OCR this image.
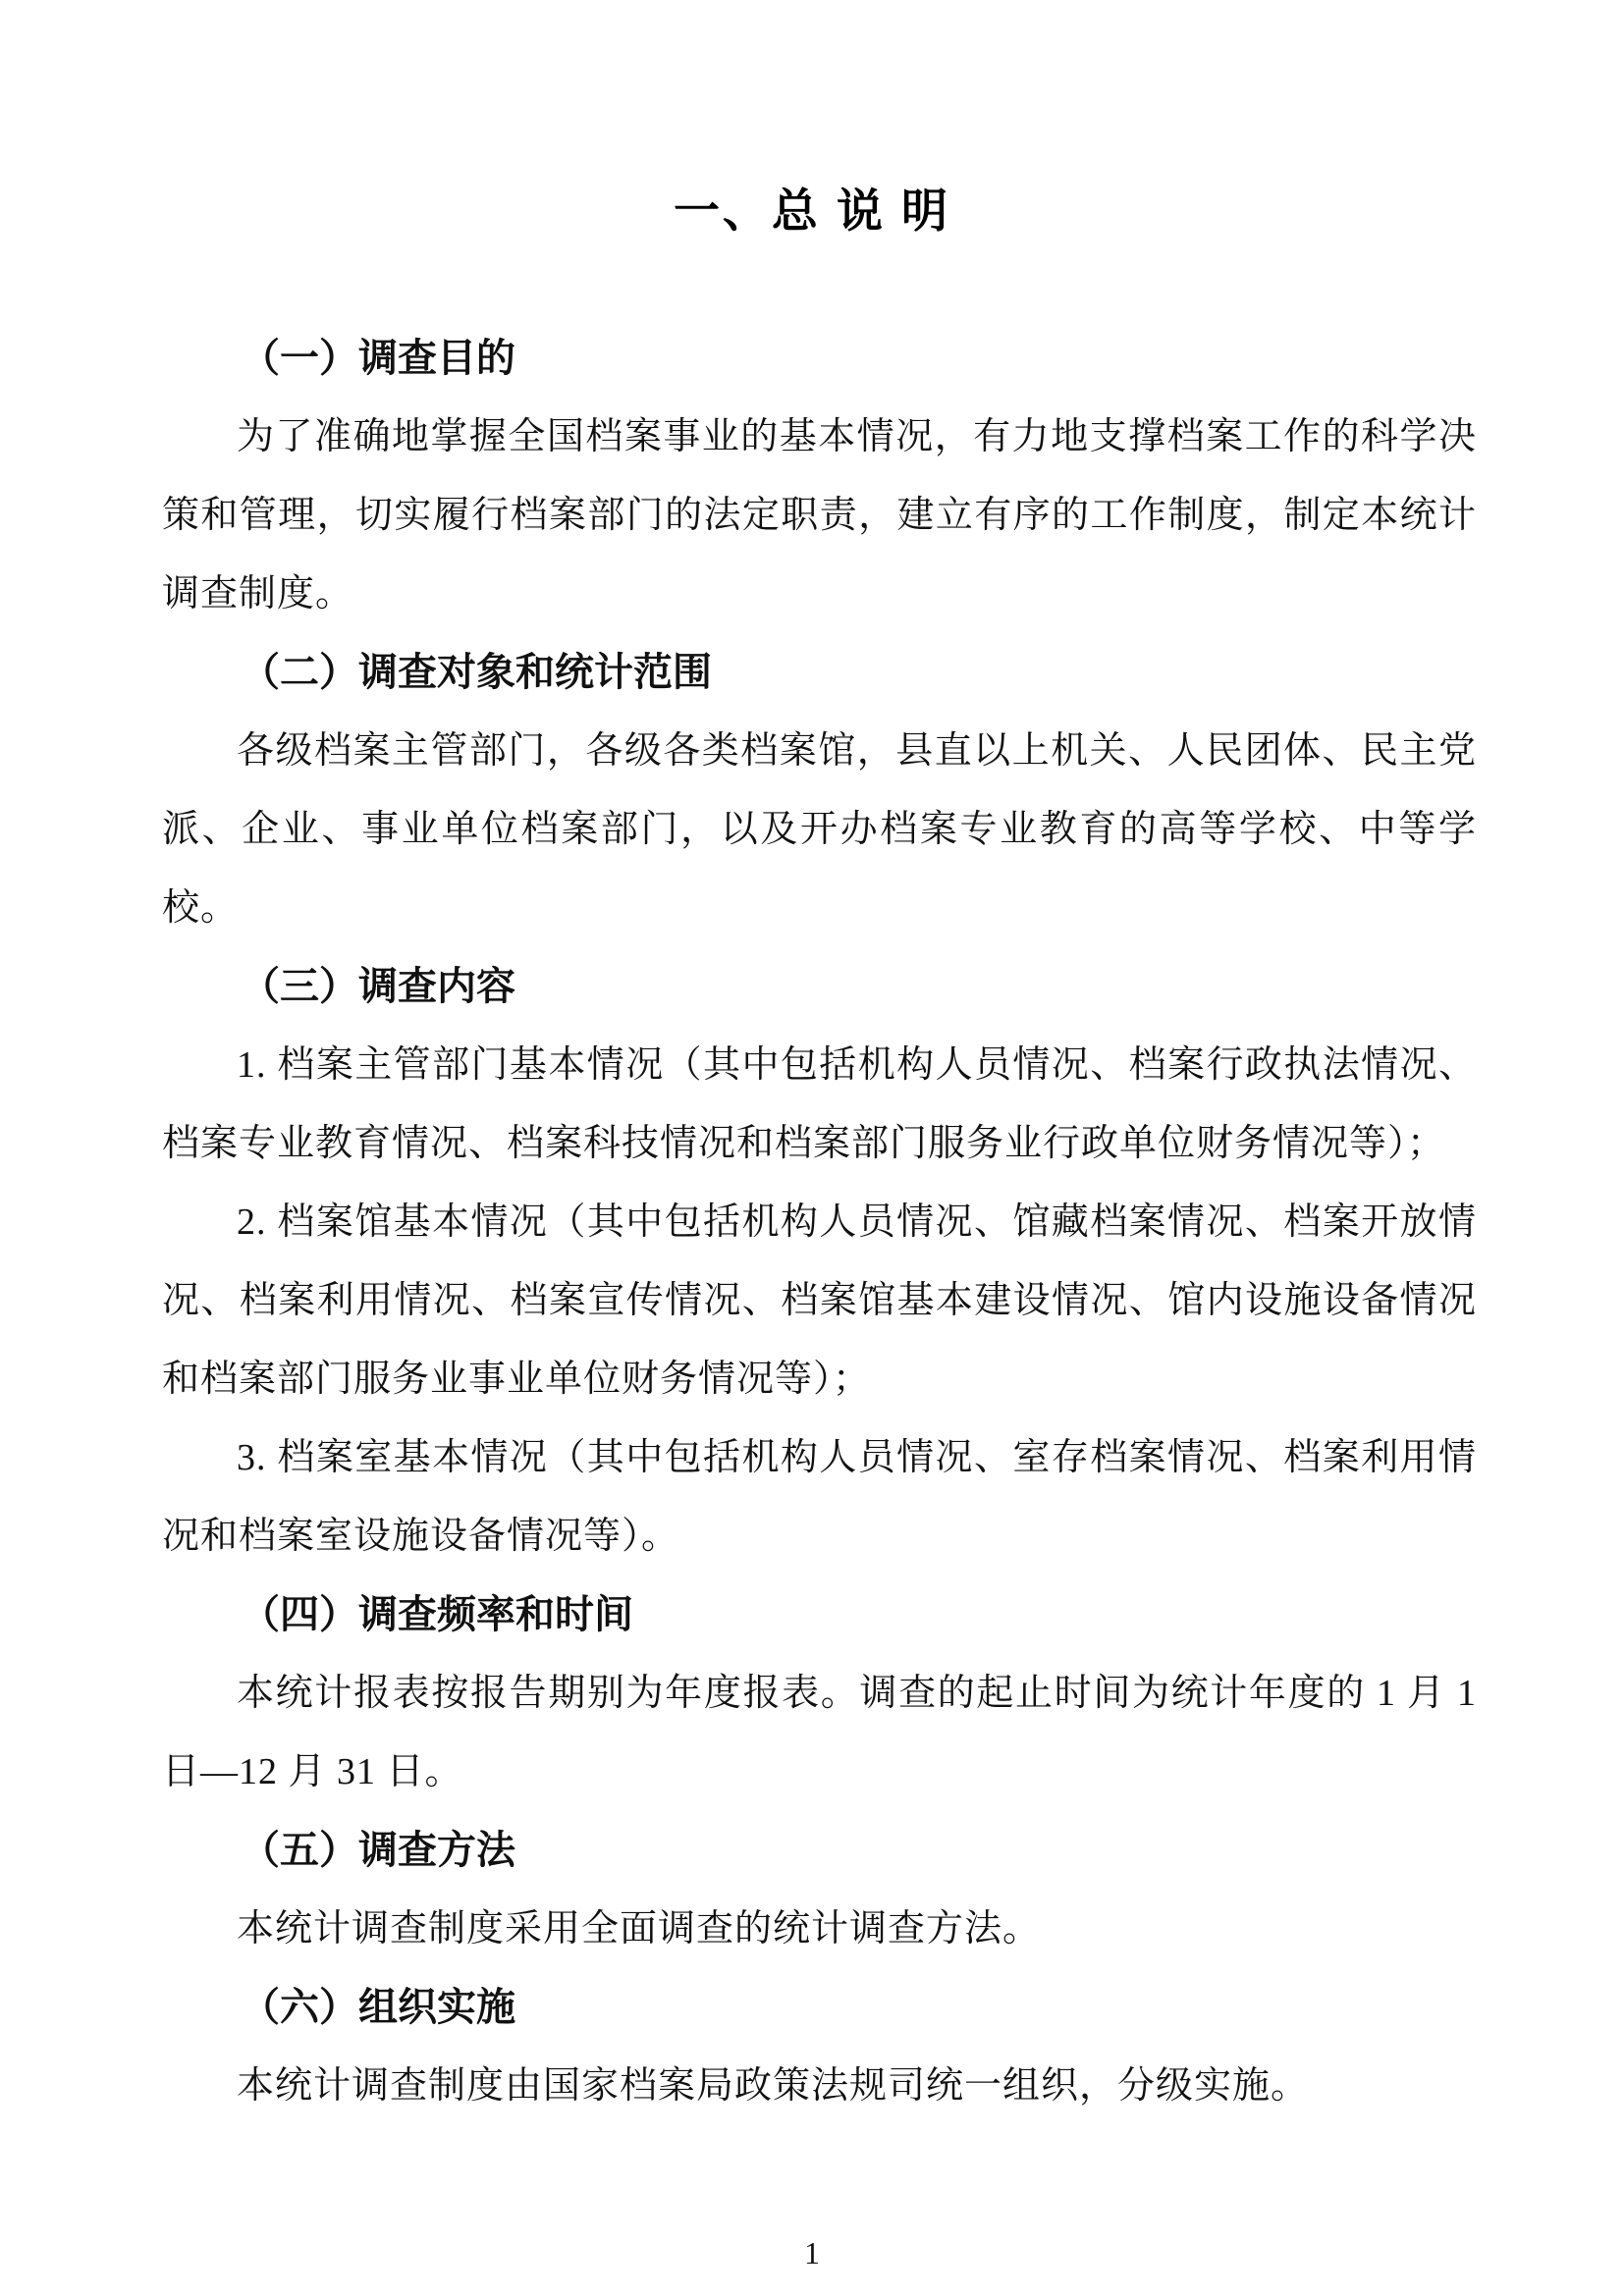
一、总 说 明

（一）调查目的

为了准确地掌握全国档案事业的基本情况，有力地支撑档案工作的科学决策和管理，切实履行档案部门的法定职责，建立有序的工作制度，制定本统计调查制度。

（二）调查对象和统计范围

各级档案主管部门，各级各类档案馆，县直以上机关、人民团体、民主党派、企业、事业单位档案部门，以及开办档案专业教育的高等学校、中等学校。

（三）调查内容

1. 档案主管部门基本情况（其中包括机构人员情况、档案行政执法情况、档案专业教育情况、档案科技情况和档案部门服务业行政单位财务情况等）；

2. 档案馆基本情况（其中包括机构人员情况、馆藏档案情况、档案开放情况、档案利用情况、档案宣传情况、档案馆基本建设情况、馆内设施设备情况和档案部门服务业事业单位财务情况等）；

3. 档案室基本情况（其中包括机构人员情况、室存档案情况、档案利用情况和档案室设施设备情况等）。

（四）调查频率和时间

本统计报表按报告期别为年度报表。调查的起止时间为统计年度的 1 月 1 日—12 月 31 日。

（五）调查方法

本统计调查制度采用全面调查的统计调查方法。

（六）组织实施

本统计调查制度由国家档案局政策法规司统一组织，分级实施。

1
